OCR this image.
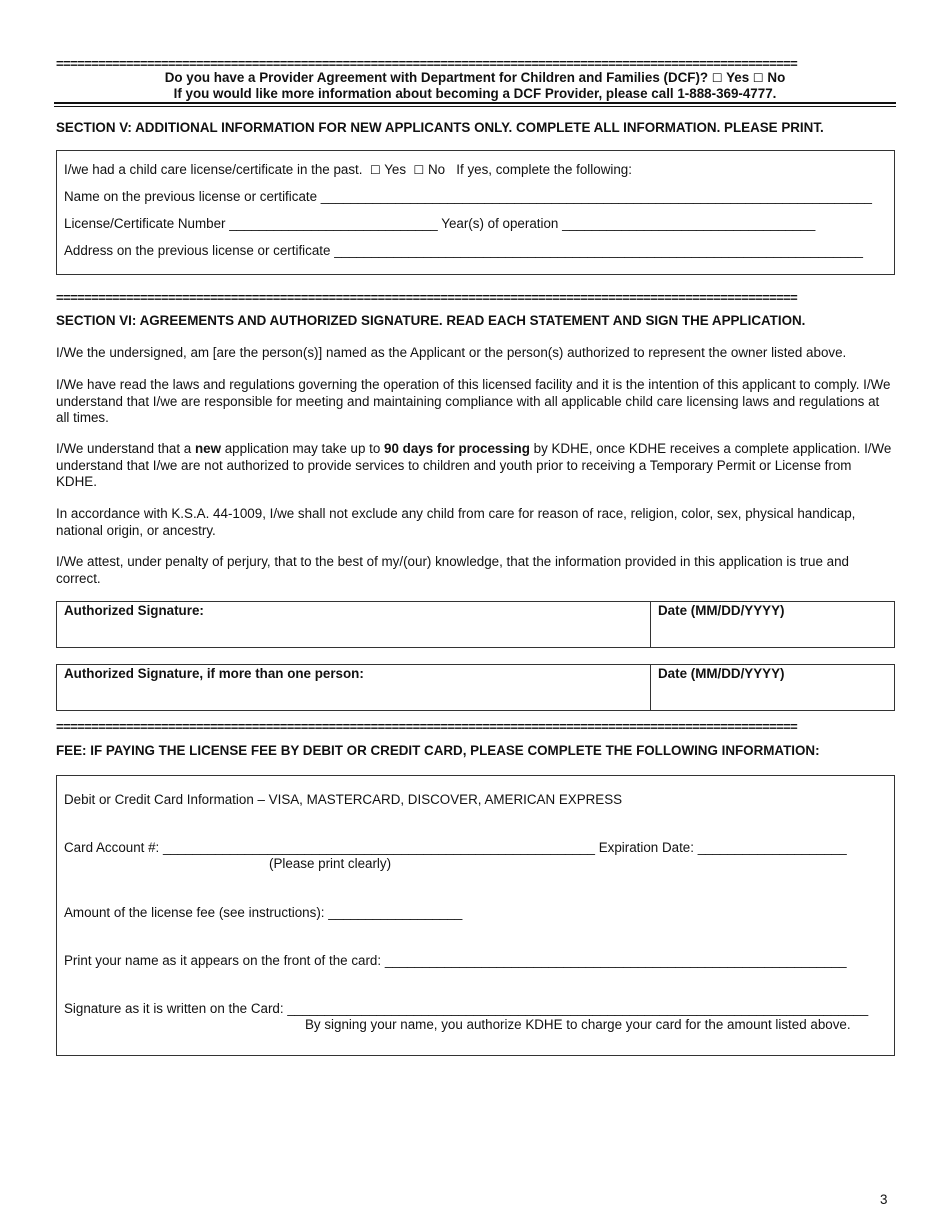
==========================================================================================================
Do you have a Provider Agreement with Department for Children and Families (DCF)? ☐ Yes ☐ No
If you would like more information about becoming a DCF Provider, please call 1-888-369-4777.
SECTION V: ADDITIONAL INFORMATION FOR NEW APPLICANTS ONLY. COMPLETE ALL INFORMATION. PLEASE PRINT.
I/we had a child care license/certificate in the past. ☐ Yes ☐ No If yes, complete the following:
Name on the previous license or certificate __________________________________________________________________________
License/Certificate Number ____________________________ Year(s) of operation __________________________________
Address on the previous license or certificate _______________________________________________________________________
==========================================================================================================
SECTION VI: AGREEMENTS AND AUTHORIZED SIGNATURE. READ EACH STATEMENT AND SIGN THE APPLICATION.
I/We the undersigned, am [are the person(s)] named as the Applicant or the person(s) authorized to represent the owner listed above.
I/We have read the laws and regulations governing the operation of this licensed facility and it is the intention of this applicant to comply. I/We understand that I/we are responsible for meeting and maintaining compliance with all applicable child care licensing laws and regulations at all times.
I/We understand that a new application may take up to 90 days for processing by KDHE, once KDHE receives a complete application. I/We understand that I/we are not authorized to provide services to children and youth prior to receiving a Temporary Permit or License from KDHE.
In accordance with K.S.A. 44-1009, I/we shall not exclude any child from care for reason of race, religion, color, sex, physical handicap, national origin, or ancestry.
I/We attest, under penalty of perjury, that to the best of my/(our) knowledge, that the information provided in this application is true and correct.
Authorized Signature:	Date (MM/DD/YYYY)
Authorized Signature, if more than one person:	Date (MM/DD/YYYY)
==========================================================================================================
FEE: IF PAYING THE LICENSE FEE BY DEBIT OR CREDIT CARD, PLEASE COMPLETE THE FOLLOWING INFORMATION:
Debit or Credit Card Information – VISA, MASTERCARD, DISCOVER, AMERICAN EXPRESS
Card Account #: __________________________________________________________ Expiration Date: ____________________
(Please print clearly)
Amount of the license fee (see instructions): __________________
Print your name as it appears on the front of the card: ______________________________________________________________
Signature as it is written on the Card: ______________________________________________________________________________
By signing your name, you authorize KDHE to charge your card for the amount listed above.
3
